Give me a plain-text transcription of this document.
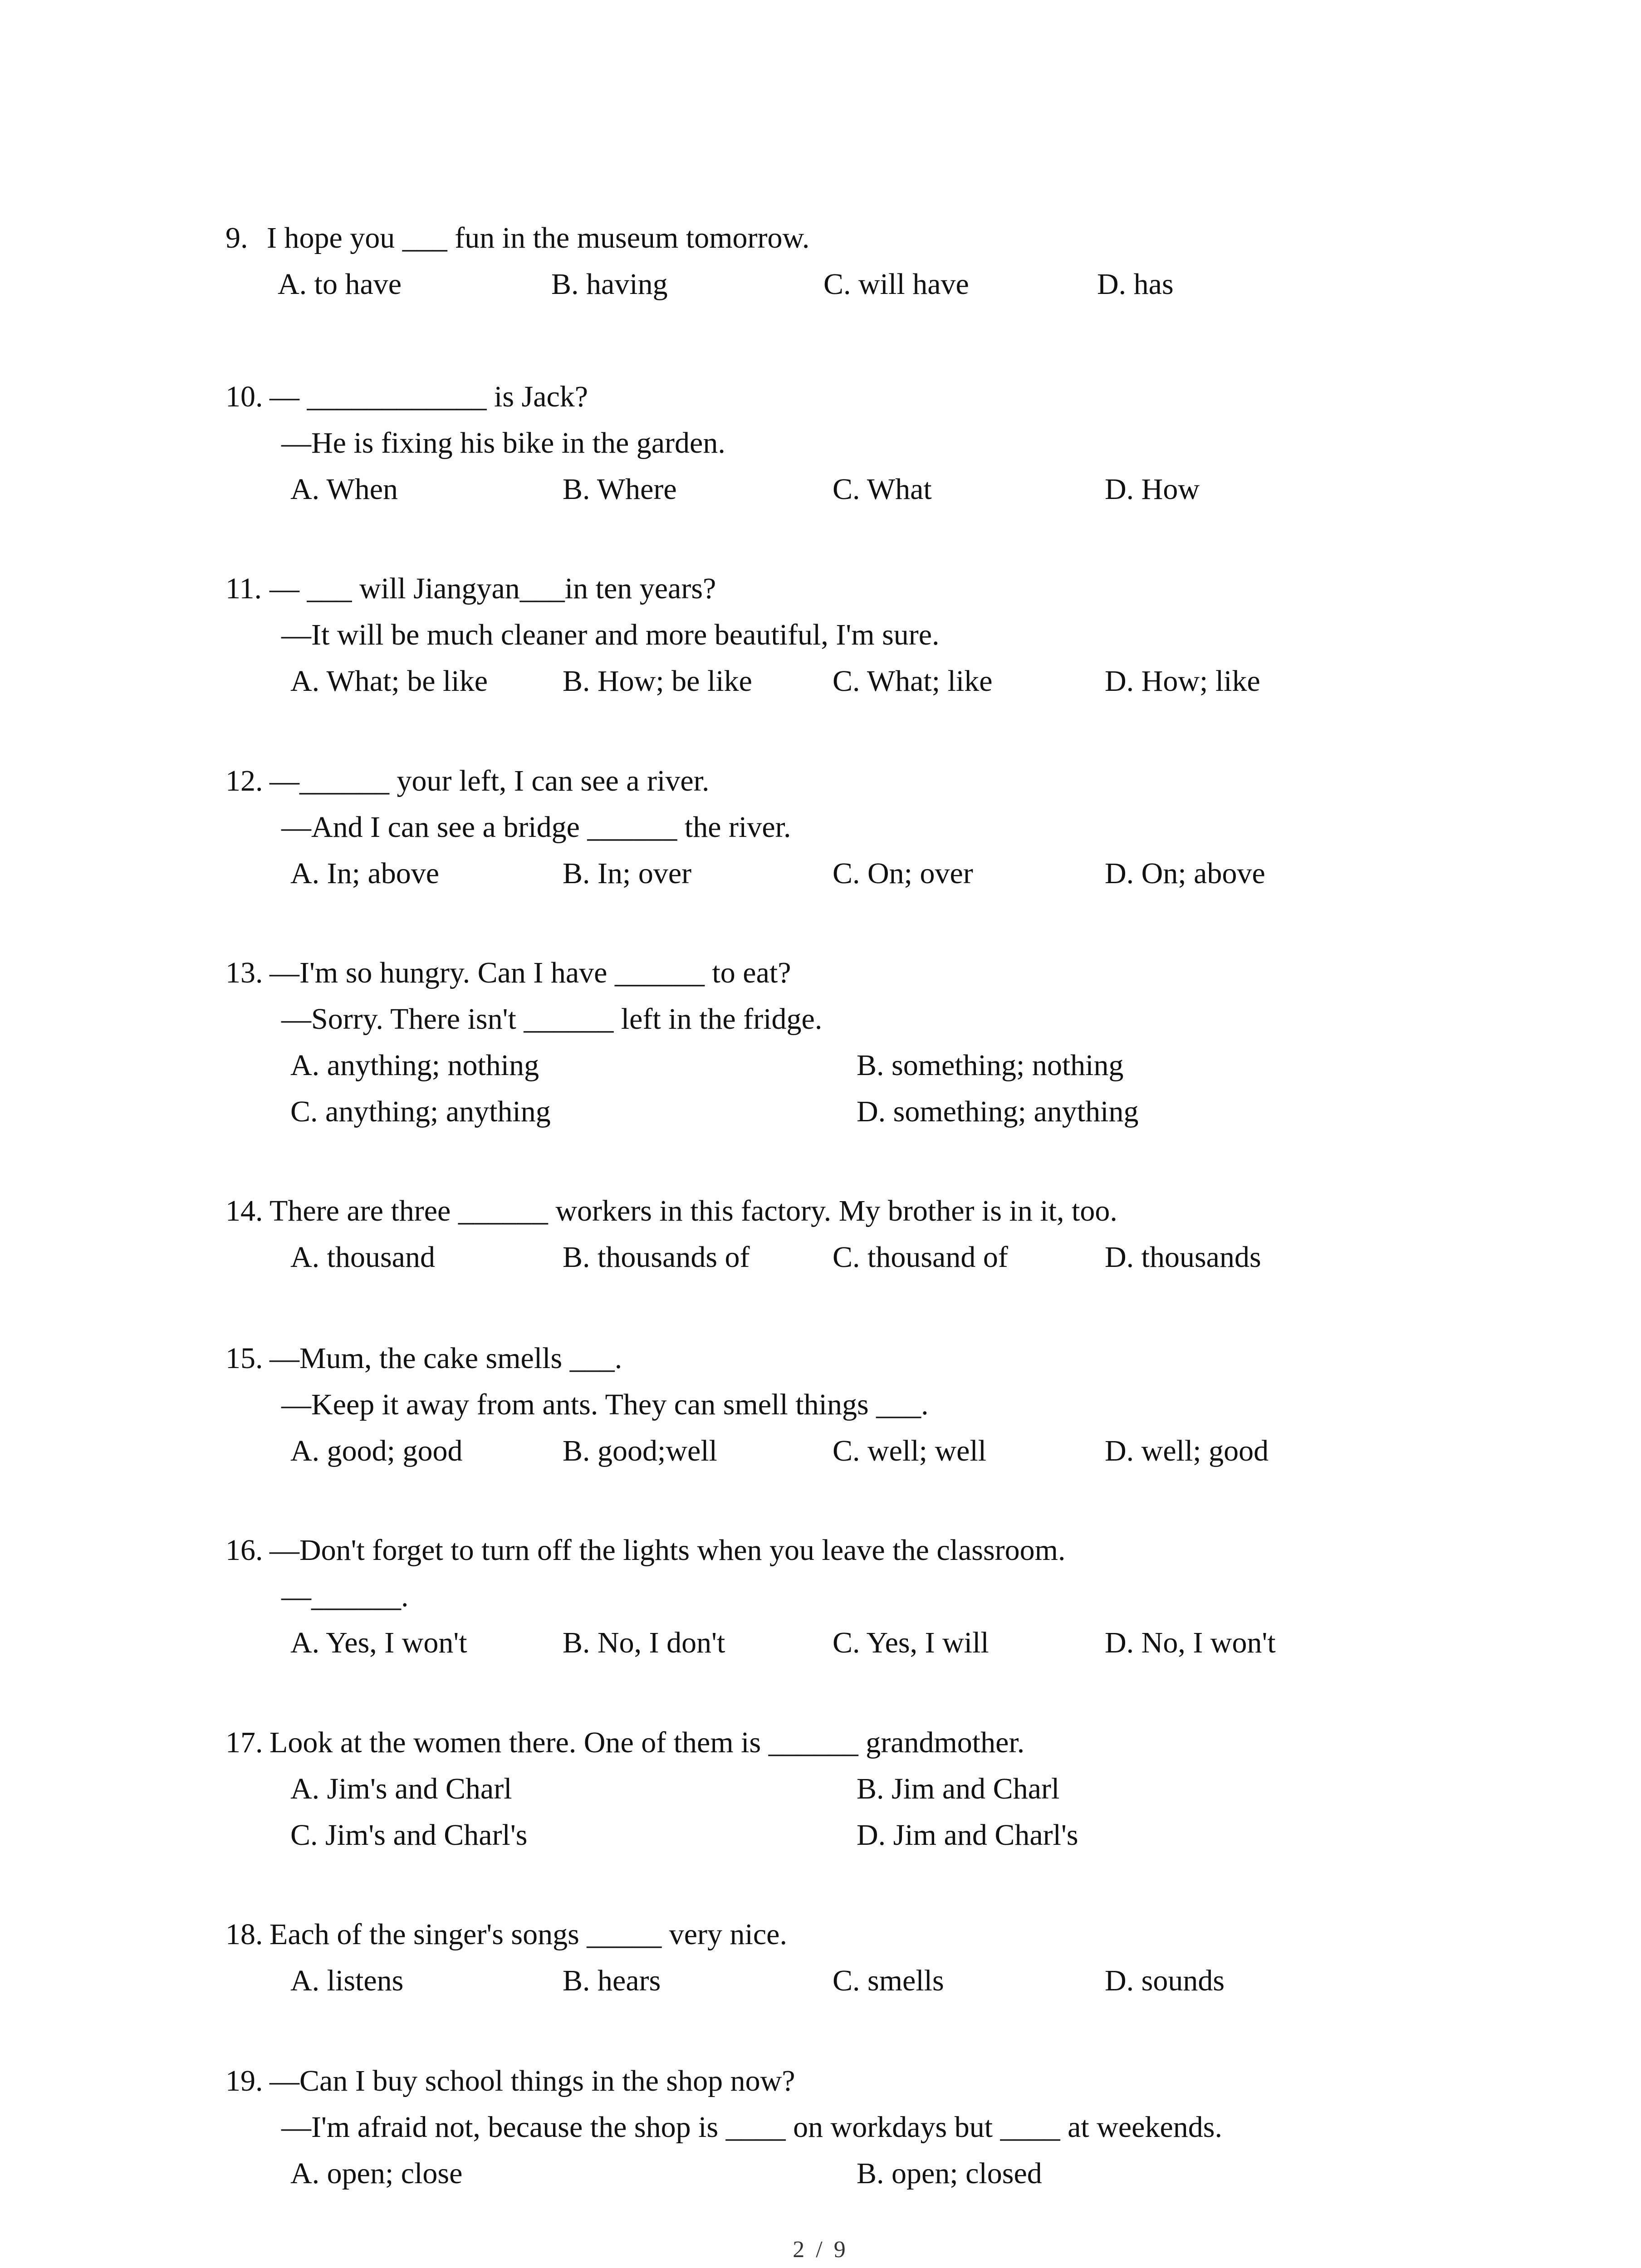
9. I hope you ___ fun in the museum tomorrow.
A. to have	B. having	C. will have	D. has
10. — ____________ is Jack?
—He is fixing his bike in the garden.
A. When	B. Where	C. What	D. How
11. — ___ will Jiangyan___in ten years?
—It will be much cleaner and more beautiful, I'm sure.
A. What; be like	B. How; be like	C. What; like	D. How; like
12. —______ your left, I can see a river.
—And I can see a bridge ______ the river.
A. In; above	B. In; over	C. On; over	D. On; above
13. —I'm so hungry. Can I have ______ to eat?
—Sorry. There isn't ______ left in the fridge.
A. anything; nothing	B. something; nothing
C. anything; anything	D. something; anything
14. There are three ______ workers in this factory. My brother is in it, too.
A. thousand	B. thousands of	C. thousand of	D. thousands
15. —Mum, the cake smells ___.
—Keep it away from ants. They can smell things ___.
A. good; good	B. good;well	C. well; well	D. well; good
16. —Don't forget to turn off the lights when you leave the classroom.
—______.
A. Yes, I won't	B. No, I don't	C. Yes, I will	D. No, I won't
17. Look at the women there. One of them is ______ grandmother.
A. Jim's and Charl	B. Jim and Charl
C. Jim's and Charl's	D. Jim and Charl's
18. Each of the singer's songs _____ very nice.
A. listens	B. hears	C. smells	D. sounds
19. —Can I buy school things in the shop now?
—I'm afraid not, because the shop is ____ on workdays but ____ at weekends.
A. open; close	B. open; closed
2 / 9
